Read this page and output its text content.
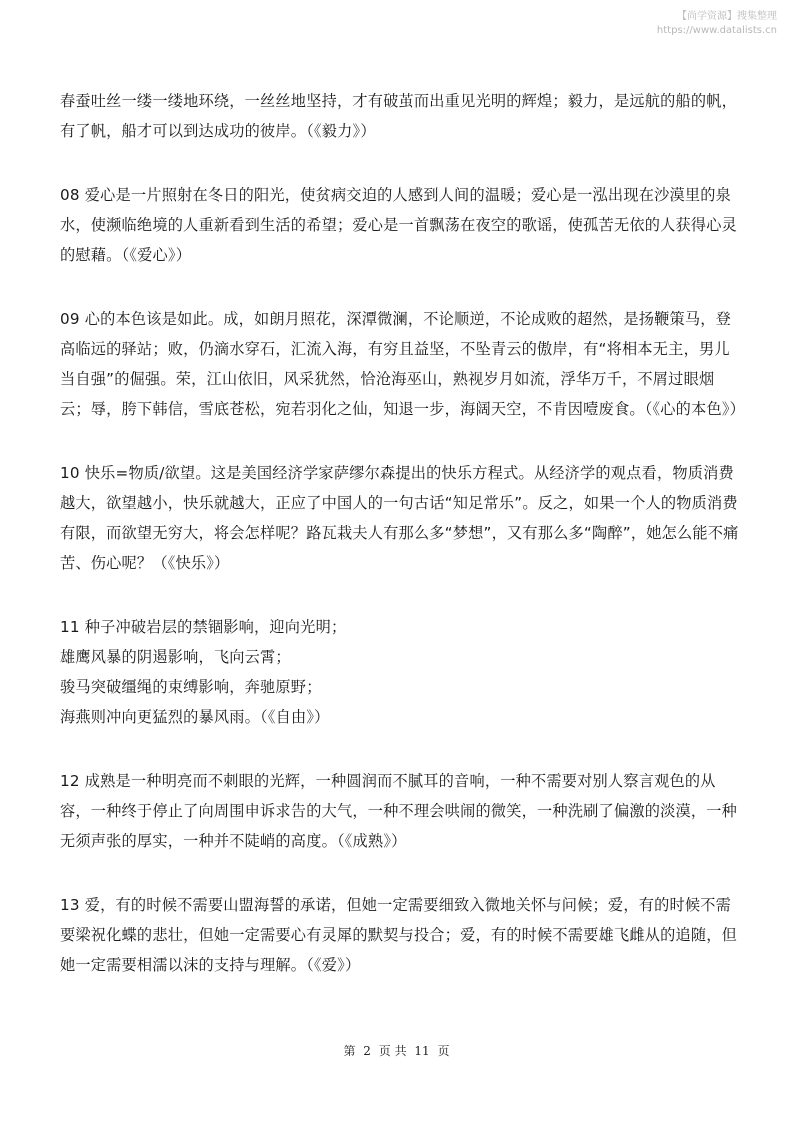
【尚学资源】搜集整理
https://www.datalists.cn

春蚕吐丝一缕一缕地环绕，一丝丝地坚持，才有破茧而出重见光明的辉煌；毅力，是远航的船的帆，有了帆，船才可以到达成功的彼岸。（《毅力》）

08 爱心是一片照射在冬日的阳光，使贫病交迫的人感到人间的温暖；爱心是一泓出现在沙漠里的泉水，使濒临绝境的人重新看到生活的希望；爱心是一首飘荡在夜空的歌谣，使孤苦无依的人获得心灵的慰藉。（《爱心》）

09 心的本色该是如此。成，如朗月照花，深潭微澜，不论顺逆，不论成败的超然，是扬鞭策马，登高临远的驿站；败，仍滴水穿石，汇流入海，有穷且益坚，不坠青云的傲岸，有“将相本无主，男儿当自强”的倔强。荣，江山依旧，风采犹然，恰沧海巫山，熟视岁月如流，浮华万千，不屑过眼烟云；辱，胯下韩信，雪底苍松，宛若羽化之仙，知退一步，海阔天空，不肯因噎废食。（《心的本色》）

10 快乐=物质/欲望。这是美国经济学家萨缪尔森提出的快乐方程式。从经济学的观点看，物质消费越大，欲望越小，快乐就越大，正应了中国人的一句古话“知足常乐”。反之，如果一个人的物质消费有限，而欲望无穷大，将会怎样呢？路瓦栽夫人有那么多“梦想”，又有那么多“陶醉”，她怎么能不痛苦、伤心呢？（《快乐》）

11 种子冲破岩层的禁锢影响，迎向光明；

雄鹰风暴的阴遏影响，飞向云霄；

骏马突破缰绳的束缚影响，奔驰原野；

海燕则冲向更猛烈的暴风雨。（《自由》）

12 成熟是一种明亮而不刺眼的光辉，一种圆润而不腻耳的音响，一种不需要对别人察言观色的从容，一种终于停止了向周围申诉求告的大气，一种不理会哄闹的微笑，一种洗刷了偏激的淡漠，一种无须声张的厚实，一种并不陡峭的高度。（《成熟》）

13 爱，有的时候不需要山盟海誓的承诺，但她一定需要细致入微地关怀与问候；爱，有的时候不需要梁祝化蝶的悲壮，但她一定需要心有灵犀的默契与投合；爱，有的时候不需要雄飞雌从的追随，但她一定需要相濡以沫的支持与理解。（《爱》）

第 2 页 共 11 页
